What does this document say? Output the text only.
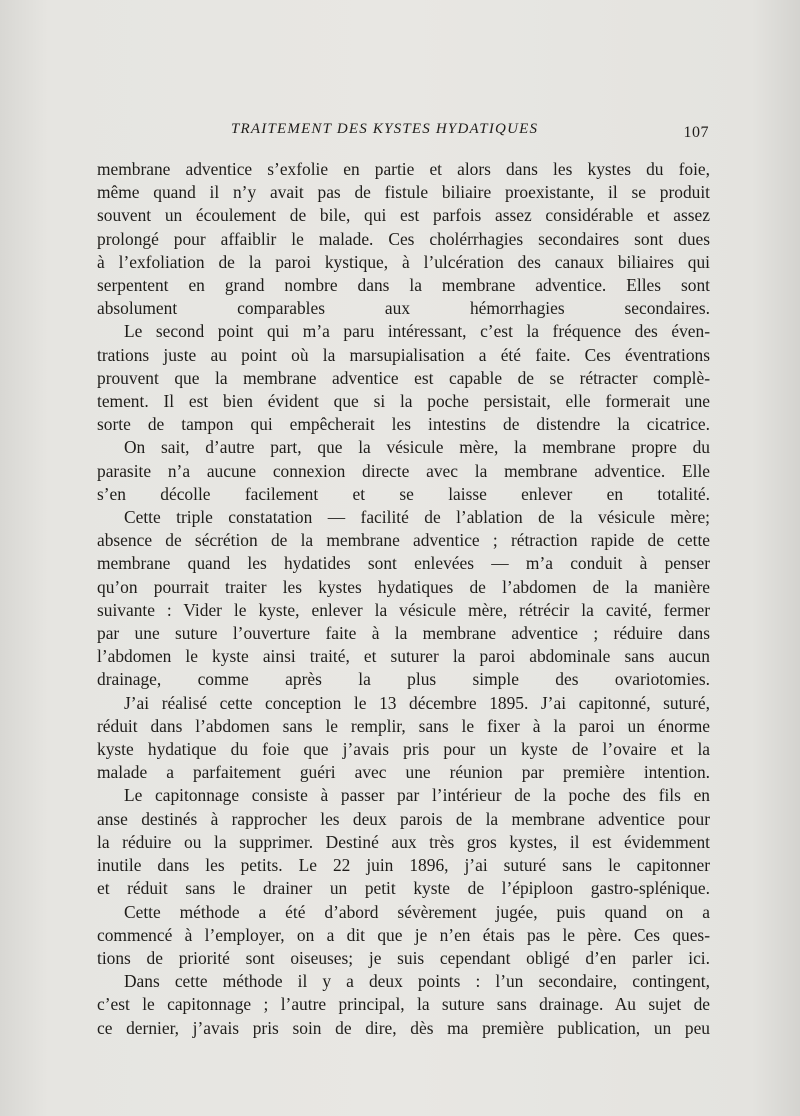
TRAITEMENT DES KYSTES HYDATIQUES	107

membrane adventice s’exfolie en partie et alors dans les kystes du foie,
même quand il n’y avait pas de fistule biliaire proexistante, il se produit
souvent un écoulement de bile, qui est parfois assez considérable et assez
prolongé pour affaiblir le malade. Ces cholérrhagies secondaires sont dues
à l’exfoliation de la paroi kystique, à l’ulcération des canaux biliaires qui
serpentent en grand nombre dans la membrane adventice. Elles sont
absolument comparables aux hémorrhagies secondaires.

Le second point qui m’a paru intéressant, c’est la fréquence des éven-
trations juste au point où la marsupialisation a été faite. Ces éventrations
prouvent que la membrane adventice est capable de se rétracter complè-
tement. Il est bien évident que si la poche persistait, elle formerait une
sorte de tampon qui empêcherait les intestins de distendre la cicatrice.

On sait, d’autre part, que la vésicule mère, la membrane propre du
parasite n’a aucune connexion directe avec la membrane adventice. Elle
s’en décolle facilement et se laisse enlever en totalité.

Cette triple constatation — facilité de l’ablation de la vésicule mère;
absence de sécrétion de la membrane adventice ; rétraction rapide de cette
membrane quand les hydatides sont enlevées — m’a conduit à penser
qu’on pourrait traiter les kystes hydatiques de l’abdomen de la manière
suivante : Vider le kyste, enlever la vésicule mère, rétrécir la cavité, fermer
par une suture l’ouverture faite à la membrane adventice ; réduire dans
l’abdomen le kyste ainsi traité, et suturer la paroi abdominale sans aucun
drainage, comme après la plus simple des ovariotomies.

J’ai réalisé cette conception le 13 décembre 1895. J’ai capitonné, suturé,
réduit dans l’abdomen sans le remplir, sans le fixer à la paroi un énorme
kyste hydatique du foie que j’avais pris pour un kyste de l’ovaire et la
malade a parfaitement guéri avec une réunion par première intention.

Le capitonnage consiste à passer par l’intérieur de la poche des fils en
anse destinés à rapprocher les deux parois de la membrane adventice pour
la réduire ou la supprimer. Destiné aux très gros kystes, il est évidemment
inutile dans les petits. Le 22 juin 1896, j’ai suturé sans le capitonner
et réduit sans le drainer un petit kyste de l’épiploon gastro-splénique.

Cette méthode a été d’abord sévèrement jugée, puis quand on a
commencé à l’employer, on a dit que je n’en étais pas le père. Ces ques-
tions de priorité sont oiseuses; je suis cependant obligé d’en parler ici.

Dans cette méthode il y a deux points : l’un secondaire, contingent,
c’est le capitonnage ; l’autre principal, la suture sans drainage. Au sujet de
ce dernier, j’avais pris soin de dire, dès ma première publication, un peu
